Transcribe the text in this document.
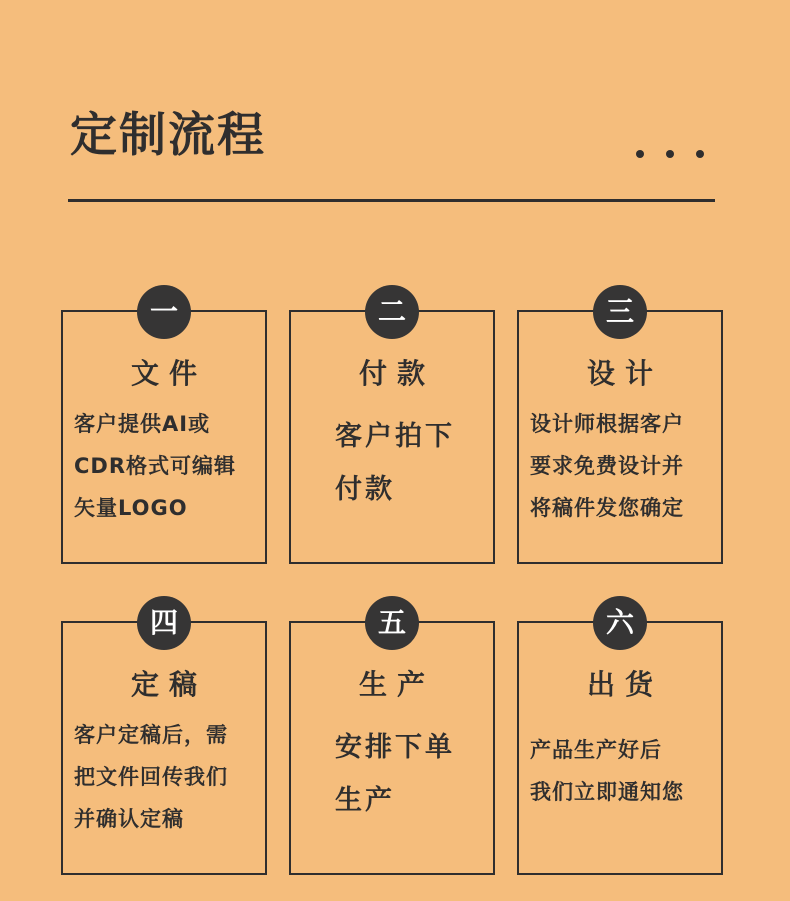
定制流程
一
文件
客户提供AI或
CDR格式可编辑
矢量LOGO
二
付款
客户拍下
付款
三
设计
设计师根据客户
要求免费设计并
将稿件发您确定
四
定稿
客户定稿后，需
把文件回传我们
并确认定稿
五
生产
安排下单
生产
六
出货
产品生产好后
我们立即通知您
